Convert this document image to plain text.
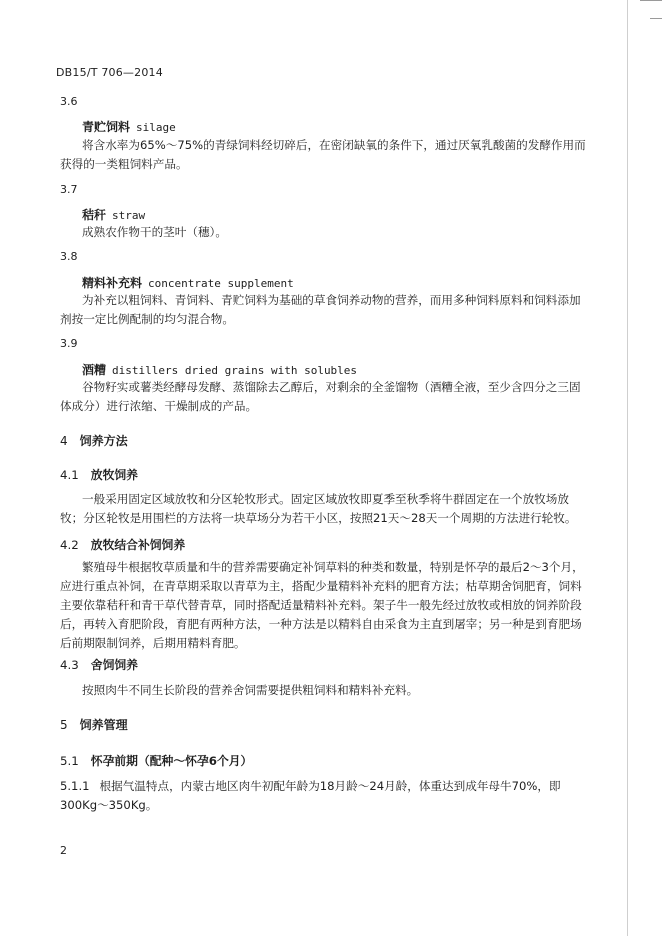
DB15/T 706—2014
3.6
青贮饲料 silage
将含水率为65%～75%的青绿饲料经切碎后，在密闭缺氧的条件下，通过厌氧乳酸菌的发酵作用而
获得的一类粗饲料产品。
3.7
秸秆 straw
成熟农作物干的茎叶（穗）。
3.8
精料补充料 concentrate supplement
为补充以粗饲料、青饲料、青贮饲料为基础的草食饲养动物的营养，而用多种饲料原料和饲料添加
剂按一定比例配制的均匀混合物。
3.9
酒糟 distillers dried grains with solubles
谷物籽实或薯类经酵母发酵、蒸馏除去乙醇后，对剩余的全釜馏物（酒糟全液，至少含四分之三固
体成分）进行浓缩、干燥制成的产品。
4 饲养方法
4.1 放牧饲养
一般采用固定区域放牧和分区轮牧形式。固定区域放牧即夏季至秋季将牛群固定在一个放牧场放
牧；分区轮牧是用围栏的方法将一块草场分为若干小区，按照21天～28天一个周期的方法进行轮牧。
4.2 放牧结合补饲饲养
繁殖母牛根据牧草质量和牛的营养需要确定补饲草料的种类和数量，特别是怀孕的最后2～3个月，
应进行重点补饲，在青草期采取以青草为主，搭配少量精料补充料的肥育方法；枯草期舍饲肥育，饲料
主要依靠秸秆和青干草代替青草，同时搭配适量精料补充料。架子牛一般先经过放牧或相放的饲养阶段
后，再转入育肥阶段，育肥有两种方法，一种方法是以精料自由采食为主直到屠宰；另一种是到育肥场
后前期限制饲养，后期用精料育肥。
4.3 舍饲饲养
按照肉牛不同生长阶段的营养舍饲需要提供粗饲料和精料补充料。
5 饲养管理
5.1 怀孕前期（配种～怀孕6个月）
5.1.1 根据气温特点，内蒙古地区肉牛初配年龄为18月龄～24月龄，体重达到成年母牛70%，即
300Kg～350Kg。
2
